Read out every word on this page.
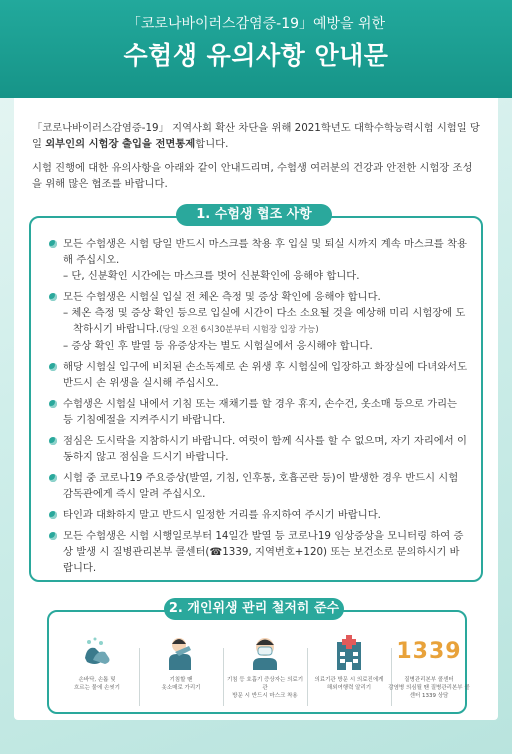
「코로나바이러스감염증-19」예방을 위한
수험생 유의사항 안내문

「코로나바이러스감염증-19」 지역사회 확산 차단을 위해 2021학년도 대학수학능력시험 시험일 당일 외부인의 시험장 출입을 전면통제합니다.

시험 진행에 대한 유의사항을 아래와 같이 안내드리며, 수험생 여러분의 건강과 안전한 시험장 조성을 위해 많은 협조를 바랍니다.

모든 수험생은 시험 당일 반드시 마스크를 착용 후 입실 및 퇴실 시까지 계속 마스크를 착용해 주십시오.
– 단, 신분확인 시간에는 마스크를 벗어 신분확인에 응해야 합니다.
모든 수험생은 시험실 입실 전 체온 측정 및 증상 확인에 응해야 합니다.
– 체온 측정 및 증상 확인 등으로 입실에 시간이 다소 소요될 것을 예상해 미리 시험장에 도착하시기 바랍니다.(당일 오전 6시30분부터 시험장 입장 가능)
– 증상 확인 후 발열 등 유증상자는 별도 시험실에서 응시해야 합니다.
해당 시험실 입구에 비치된 손소독제로 손 위생 후 시험실에 입장하고 화장실에 다녀와서도 반드시 손 위생을 실시해 주십시오.
수험생은 시험실 내에서 기침 또는 재채기를 할 경우 휴지, 손수건, 옷소매 등으로 가리는 등 기침예절을 지켜주시기 바랍니다.
점심은 도시락을 지참하시기 바랍니다. 여럿이 함께 식사를 할 수 없으며, 자기 자리에서 이동하지 않고 점심을 드시기 바랍니다.
시험 중 코로나19 주요증상(발열, 기침, 인후통, 호흡곤란 등)이 발생한 경우 반드시 시험 감독관에게 즉시 알려 주십시오.
타인과 대화하지 말고 반드시 일정한 거리를 유지하여 주시기 바랍니다.
모든 수험생은 시험 시행일로부터 14일간 발열 등 코로나19 임상증상을 모니터링 하여 증상 발생 시 질병관리본부 콜센터(☎1339, 지역번호+120) 또는 보건소로 문의하시기 바랍니다.
1. 수험생 협조 사항
손바닥, 손톱 및
흐르는 물에 손씻기
기침할 땐
옷소매로 가리기
기침 등 호흡기 증상자는 의료기관
방문 시 반드시 마스크 착용
의료기관 방문 시 의료진에게
해외여행력 알리기
1339
질병관리본부 콜센터
감염병 의심될 땐 질병관리본부 콜센터 1339 상담
2. 개인위생 관리 철저히 준수
